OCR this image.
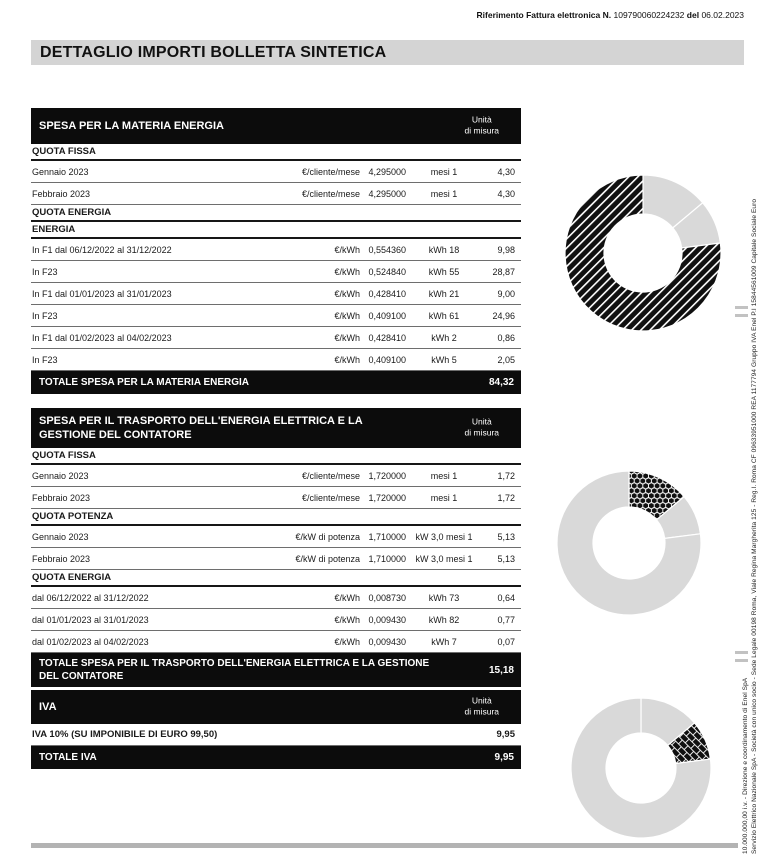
Riferimento Fattura elettronica N. 109790060224232 del 06.02.2023
DETTAGLIO IMPORTI BOLLETTA SINTETICA
SPESA PER LA MATERIA ENERGIA
Unità
di misura
QUOTA FISSA
Gennaio 2023	€/cliente/mese 4,295000	mesi 1	4,30
Febbraio 2023	€/cliente/mese 4,295000	mesi 1	4,30
QUOTA ENERGIA
ENERGIA
In F1 dal 06/12/2022 al 31/12/2022	€/kWh 0,554360	kWh 18	9,98
In F23	€/kWh 0,524840	kWh 55	28,87
In F1 dal 01/01/2023 al 31/01/2023	€/kWh 0,428410	kWh 21	9,00
In F23	€/kWh 0,409100	kWh 61	24,96
In F1 dal 01/02/2023 al 04/02/2023	€/kWh 0,428410	kWh 2	0,86
In F23	€/kWh 0,409100	kWh 5	2,05
TOTALE SPESA PER LA MATERIA ENERGIA	84,32
SPESA PER IL TRASPORTO DELL'ENERGIA ELETTRICA E LA GESTIONE DEL CONTATORE
Unità
di misura
QUOTA FISSA
Gennaio 2023	€/cliente/mese 1,720000	mesi 1	1,72
Febbraio 2023	€/cliente/mese 1,720000	mesi 1	1,72
QUOTA POTENZA
Gennaio 2023	€/kW di potenza 1,710000	kW 3,0 mesi 1	5,13
Febbraio 2023	€/kW di potenza 1,710000	kW 3,0 mesi 1	5,13
QUOTA ENERGIA
dal 06/12/2022 al 31/12/2022	€/kWh 0,008730	kWh 73	0,64
dal 01/01/2023 al 31/01/2023	€/kWh 0,009430	kWh 82	0,77
dal 01/02/2023 al 04/02/2023	€/kWh 0,009430	kWh 7	0,07
TOTALE SPESA PER IL TRASPORTO DELL'ENERGIA ELETTRICA E LA GESTIONE DEL CONTATORE
15,18
IVA
Unità
di misura
IVA 10% (SU IMPONIBILE DI EURO 99,50)	9,95
TOTALE IVA	9,95	Servizio Elettrico Nazionale SpA - Società con unico socio - Sede Legale 00198 Roma, Viale Regina Margherita 125 - Reg.I. Roma CF 09633951000 REA 1177794 Gruppo IVA Enel P.I 15844561009 Capitale Sociale Euro
10.000.000,00 i.v. - Direzione e coordinamento di Enel SpA
